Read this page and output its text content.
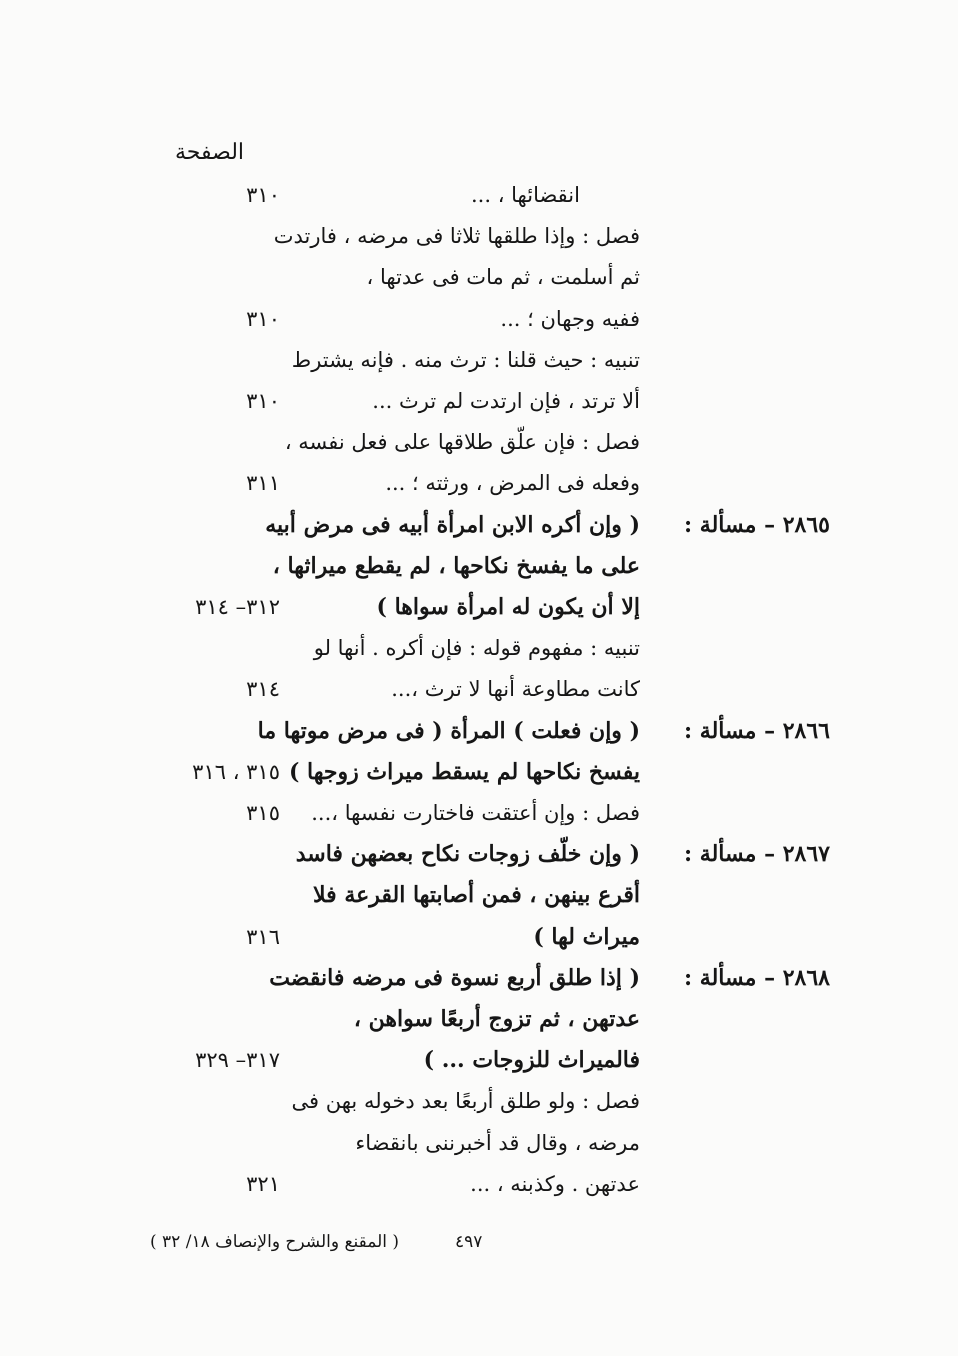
الصفحة
انقضائها ، ...
٣١٠
فصل : وإذا طلقها ثلاثا فى مرضه ، فارتدت
ثم أسلمت ، ثم مات فى عدتها ،
ففيه وجهان ؛ ...
٣١٠
تنبيه : حيث قلنا : ترث منه . فإنه يشترط
ألا ترتد ، فإن ارتدت لم ترث ...
٣١٠
فصل : فإن علّق طلاقها على فعل نفسه ،
وفعله فى المرض ، ورثته ؛ ...
٣١١
٢٨٦٥ – مسألة :
( وإن أكره الابن امرأة أبيه فى مرض أبيه
على ما يفسخ نكاحها ، لم يقطع ميراثها ،
إلا أن يكون له امرأة سواها )
٣١٢– ٣١٤
تنبيه : مفهوم قوله : فإن أكره . أنها لو
كانت مطاوعة أنها لا ترث ،...
٣١٤
٢٨٦٦ – مسألة :
( وإن فعلت ) المرأة ( فى مرض موتها ما
يفسخ نكاحها لم يسقط ميراث زوجها )
٣١٥ ، ٣١٦
فصل : وإن أعتقت فاختارت نفسها ،...
٣١٥
٢٨٦٧ – مسألة :
( وإن خلّف زوجات نكاح بعضهن فاسد
أقرع بينهن ، فمن أصابتها القرعة فلا
ميراث لها )
٣١٦
٢٨٦٨ – مسألة :
( إذا طلق أربع نسوة فى مرضه فانقضت
عدتهن ، ثم تزوج أربعًا سواهن ،
فالميراث للزوجات ... )
٣١٧– ٣٢٩
فصل : ولو طلق أربعًا بعد دخوله بهن فى
مرضه ، وقال قد أخبرننى بانقضاء
عدتهن . وكذبنه ، ...
٣٢١
( المقنع والشرح والإنصاف ١٨/ ٣٢ )	٤٩٧
